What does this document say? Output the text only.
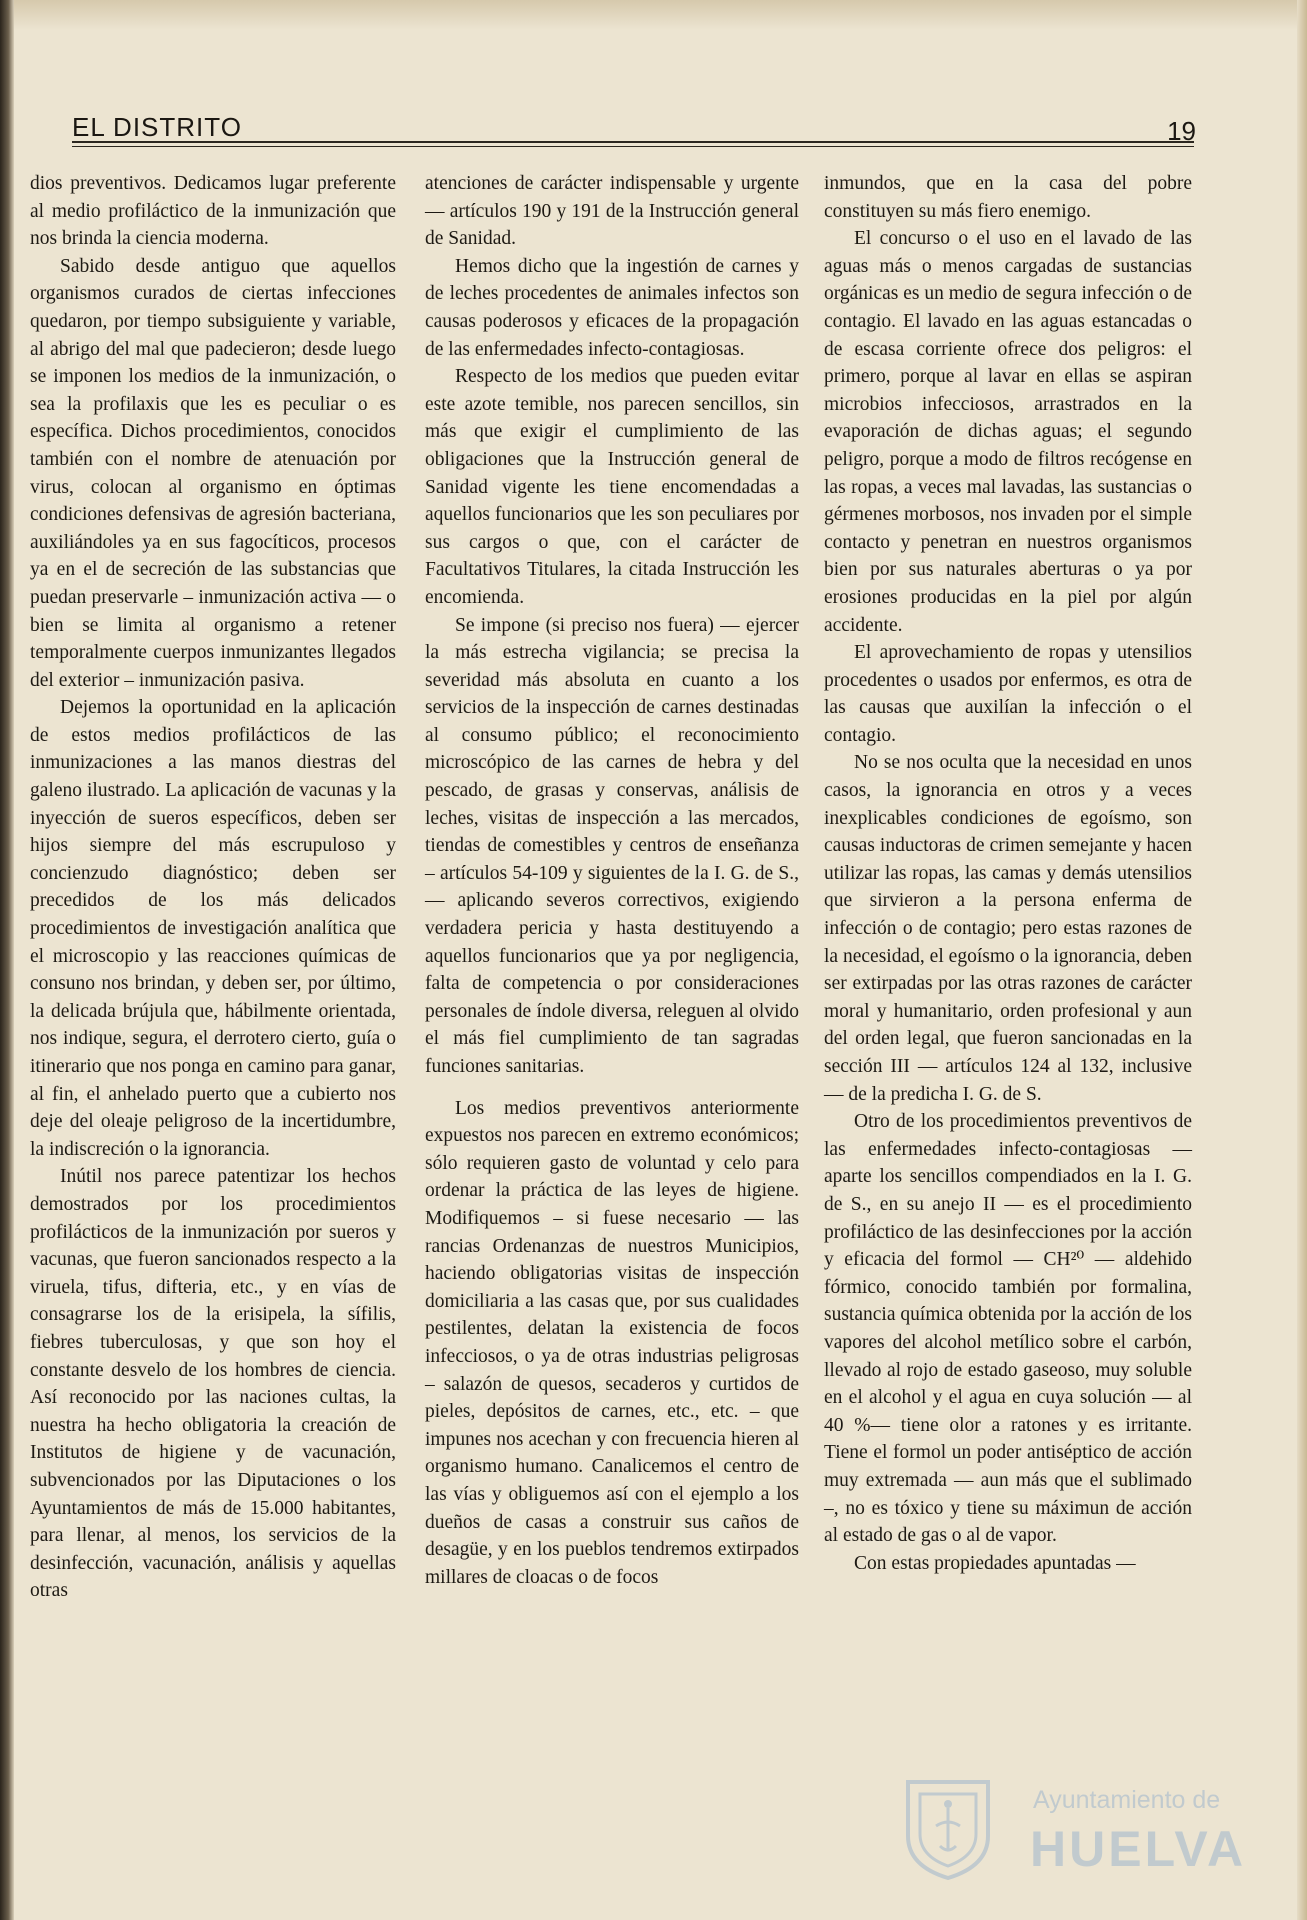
EL DISTRITO	19

dios preventivos. Dedicamos lugar preferente al medio profiláctico de la inmunización que nos brinda la ciencia moderna.

Sabido desde antiguo que aquellos organismos curados de ciertas infecciones quedaron, por tiempo subsiguiente y variable, al abrigo del mal que padecieron; desde luego se imponen los medios de la inmunización, o sea la profilaxis que les es peculiar o es específica. Dichos procedimientos, conocidos también con el nombre de atenuación por virus, colocan al organismo en óptimas condiciones defensivas de agresión bacteriana, auxiliándoles ya en sus fagocíticos, procesos ya en el de secreción de las substancias que puedan preservarle – inmunización activa — o bien se limita al organismo a retener temporalmente cuerpos inmunizantes llegados del exterior – inmunización pasiva.

Dejemos la oportunidad en la aplicación de estos medios profilácticos de las inmunizaciones a las manos diestras del galeno ilustrado. La aplicación de vacunas y la inyección de sueros específicos, deben ser hijos siempre del más escrupuloso y concienzudo diagnóstico; deben ser precedidos de los más delicados procedimientos de investigación analítica que el microscopio y las reacciones químicas de consuno nos brindan, y deben ser, por último, la delicada brújula que, hábilmente orientada, nos indique, segura, el derrotero cierto, guía o itinerario que nos ponga en camino para ganar, al fin, el anhelado puerto que a cubierto nos deje del oleaje peligroso de la incertidumbre, la indiscreción o la ignorancia.

Inútil nos parece patentizar los hechos demostrados por los procedimientos profilácticos de la inmunización por sueros y vacunas, que fueron sancionados respecto a la viruela, tifus, difteria, etc., y en vías de consagrarse los de la erisipela, la sífilis, fiebres tuberculosas, y que son hoy el constante desvelo de los hombres de ciencia. Así reconocido por las naciones cultas, la nuestra ha hecho obligatoria la creación de Institutos de higiene y de vacunación, subvencionados por las Diputaciones o los Ayuntamientos de más de 15.000 habitantes, para llenar, al menos, los servicios de la desinfección, vacunación, análisis y aquellas otras

atenciones de carácter indispensable y urgente — artículos 190 y 191 de la Instrucción general de Sanidad.

Hemos dicho que la ingestión de carnes y de leches procedentes de animales infectos son causas poderosos y eficaces de la propagación de las enfermedades infecto-contagiosas.

Respecto de los medios que pueden evitar este azote temible, nos parecen sencillos, sin más que exigir el cumplimiento de las obligaciones que la Instrucción general de Sanidad vigente les tiene encomendadas a aquellos funcionarios que les son peculiares por sus cargos o que, con el carácter de Facultativos Titulares, la citada Instrucción les encomienda.

Se impone (si preciso nos fuera) — ejercer la más estrecha vigilancia; se precisa la severidad más absoluta en cuanto a los servicios de la inspección de carnes destinadas al consumo público; el reconocimiento microscópico de las carnes de hebra y del pescado, de grasas y conservas, análisis de leches, visitas de inspección a las mercados, tiendas de comestibles y centros de enseñanza – artículos 54-109 y siguientes de la I. G. de S., — aplicando severos correctivos, exigiendo verdadera pericia y hasta destituyendo a aquellos funcionarios que ya por negligencia, falta de competencia o por consideraciones personales de índole diversa, releguen al olvido el más fiel cumplimiento de tan sagradas funciones sanitarias.

Los medios preventivos anteriormente expuestos nos parecen en extremo económicos; sólo requieren gasto de voluntad y celo para ordenar la práctica de las leyes de higiene. Modifiquemos – si fuese necesario — las rancias Ordenanzas de nuestros Municipios, haciendo obligatorias visitas de inspección domiciliaria a las casas que, por sus cualidades pestilentes, delatan la existencia de focos infecciosos, o ya de otras industrias peligrosas – salazón de quesos, secaderos y curtidos de pieles, depósitos de carnes, etc., etc. – que impunes nos acechan y con frecuencia hieren al organismo humano. Canalicemos el centro de las vías y obliguemos así con el ejemplo a los dueños de casas a construir sus caños de desagüe, y en los pueblos tendremos extirpados millares de cloacas o de focos

inmundos, que en la casa del pobre constituyen su más fiero enemigo.

El concurso o el uso en el lavado de las aguas más o menos cargadas de sustancias orgánicas es un medio de segura infección o de contagio. El lavado en las aguas estancadas o de escasa corriente ofrece dos peligros: el primero, porque al lavar en ellas se aspiran microbios infecciosos, arrastrados en la evaporación de dichas aguas; el segundo peligro, porque a modo de filtros recógense en las ropas, a veces mal lavadas, las sustancias o gérmenes morbosos, nos invaden por el simple contacto y penetran en nuestros organismos bien por sus naturales aberturas o ya por erosiones producidas en la piel por algún accidente.

El aprovechamiento de ropas y utensilios procedentes o usados por enfermos, es otra de las causas que auxilían la infección o el contagio.

No se nos oculta que la necesidad en unos casos, la ignorancia en otros y a veces inexplicables condiciones de egoísmo, son causas inductoras de crimen semejante y hacen utilizar las ropas, las camas y demás utensilios que sirvieron a la persona enferma de infección o de contagio; pero estas razones de la necesidad, el egoísmo o la ignorancia, deben ser extirpadas por las otras razones de carácter moral y humanitario, orden profesional y aun del orden legal, que fueron sancionadas en la sección III — artículos 124 al 132, inclusive — de la predicha I. G. de S.

Otro de los procedimientos preventivos de las enfermedades infecto-contagiosas — aparte los sencillos compendiados en la I. G. de S., en su anejo II — es el procedimiento profiláctico de las desinfecciones por la acción y eficacia del formol — CH²⁰ — aldehido fórmico, conocido también por formalina, sustancia química obtenida por la acción de los vapores del alcohol metílico sobre el carbón, llevado al rojo de estado gaseoso, muy soluble en el alcohol y el agua en cuya solución — al 40 %— tiene olor a ratones y es irritante. Tiene el formol un poder antiséptico de acción muy extremada — aun más que el sublimado –, no es tóxico y tiene su máximun de acción al estado de gas o al de vapor.

Con estas propiedades apuntadas —

Ayuntamiento de
HUELVA
